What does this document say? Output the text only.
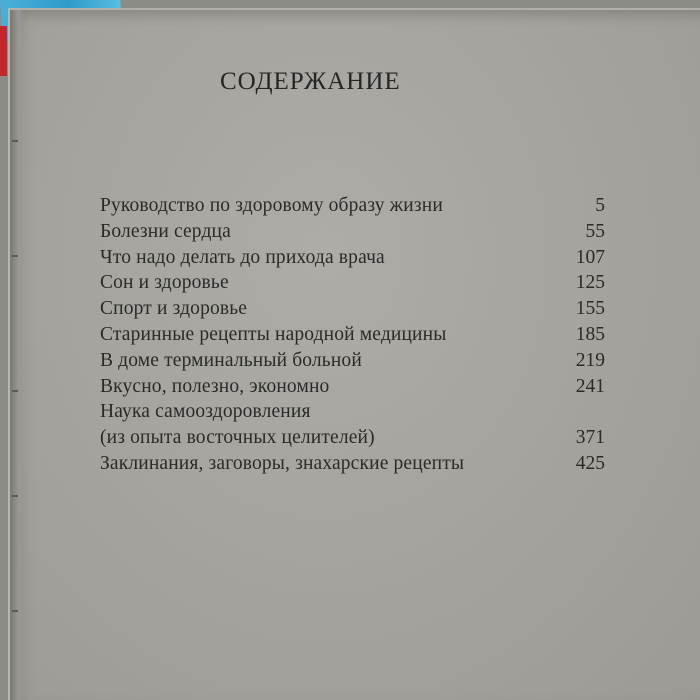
СОДЕРЖАНИЕ
Руководство по здоровому образу жизни	5
Болезни сердца	55
Что надо делать до прихода врача	107
Сон и здоровье	125
Спорт и здоровье	155
Старинные рецепты народной медицины	185
В доме терминальный больной	219
Вкусно, полезно, экономно	241
Наука самооздоровления
(из опыта восточных целителей)	371
Заклинания, заговоры, знахарские рецепты	425
